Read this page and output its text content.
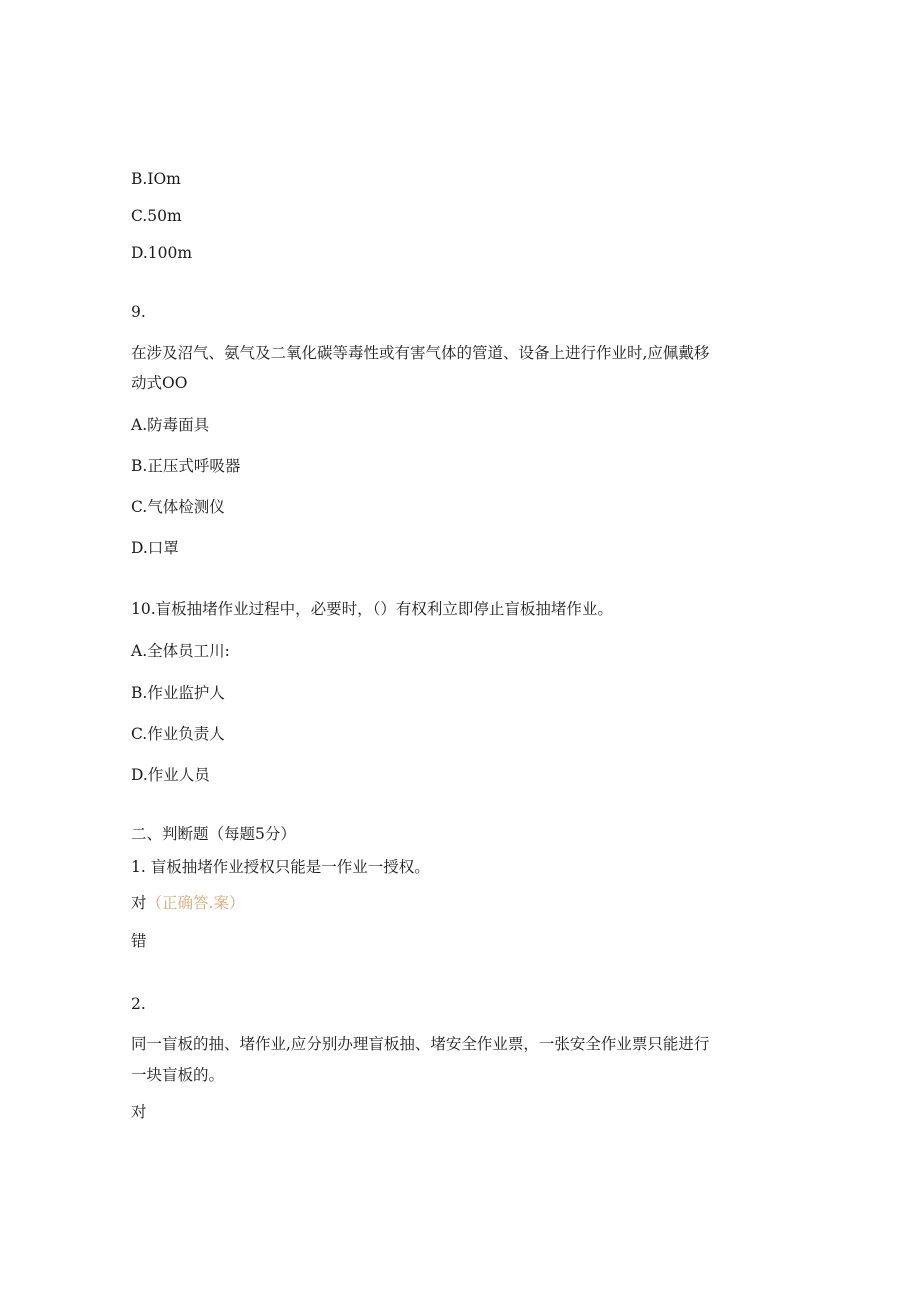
B.IOm
C.50m
D.100m
9.
在涉及沼气、氨气及二氧化碳等毒性或有害气体的管道、设备上进行作业时,应佩戴移
动式OO
A.防毒面具
B.正压式呼吸器
C.气体检测仪
D.口罩
10.盲板抽堵作业过程中，必要时，（）有权利立即停止盲板抽堵作业。
A.全体员工川:
B.作业监护人
C.作业负责人
D.作业人员
二、判断题（每题5分）
1. 盲板抽堵作业授权只能是一作业一授权。
对（正确答.案）
错
2.
同一盲板的抽、堵作业,应分别办理盲板抽、堵安全作业票，一张安全作业票只能进行
一块盲板的。
对
